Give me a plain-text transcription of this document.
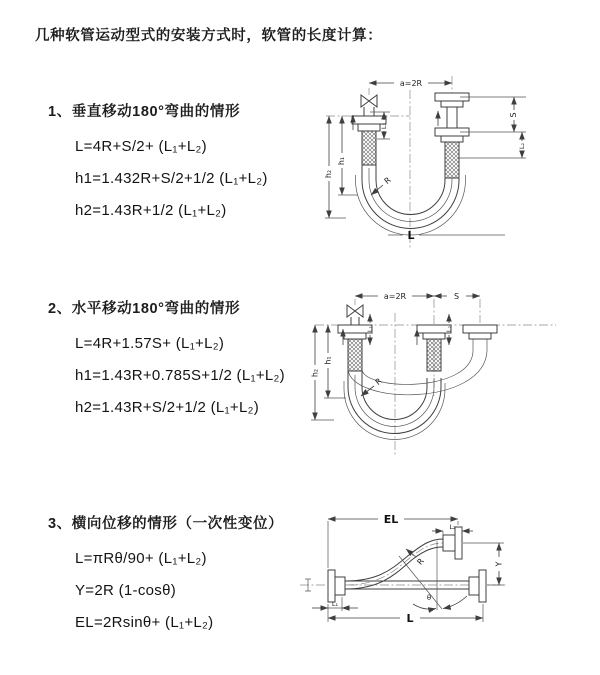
几种软管运动型式的安装方式时，软管的长度计算：
1、垂直移动180°弯曲的情形
L=4R+S/2+ (L₁+L₂)
h1=1.432R+S/2+1/2 (L₁+L₂)
h2=1.43R+1/2 (L₁+L₂)
2、水平移动180°弯曲的情形
L=4R+1.57S+ (L₁+L₂)
h1=1.43R+0.785S+1/2 (L₁+L₂)
h2=1.43R+S/2+1/2 (L₁+L₂)
3、横向位移的情形（一次性变位）
L=πRθ/90+ (L₁+L₂)
Y=2R (1-cosθ)
EL=2Rsinθ+ (L₁+L₂)
a=2R
h₁
h₂
L₁
S
L₂
R
L
a=2R	S
h₁
h₂
L₁	L₂
R
EL
L₂
Y
L
L₁
θ
R
